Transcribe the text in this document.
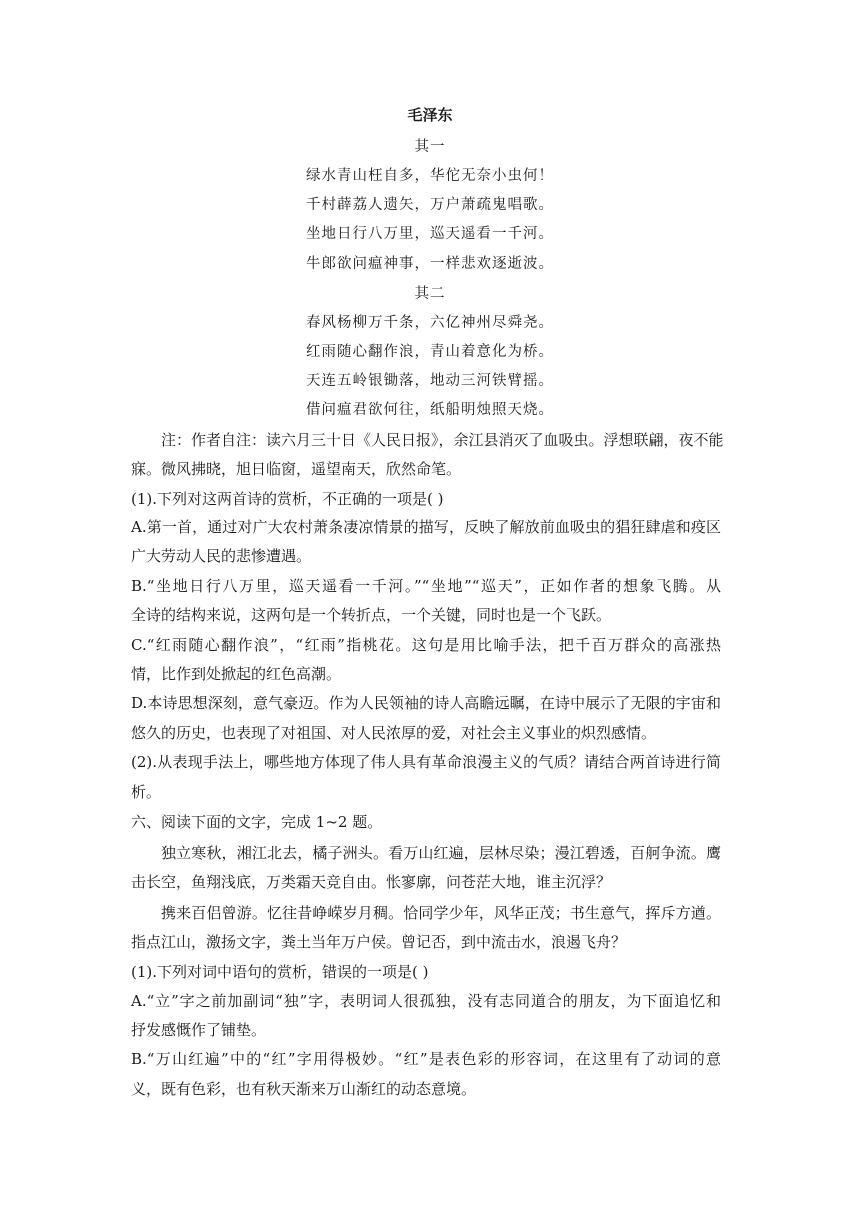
毛泽东
其一
绿水青山枉自多，华佗无奈小虫何！
千村薜荔人遗矢，万户萧疏鬼唱歌。
坐地日行八万里，巡天遥看一千河。
牛郎欲问瘟神事，一样悲欢逐逝波。
其二
春风杨柳万千条，六亿神州尽舜尧。
红雨随心翻作浪，青山着意化为桥。
天连五岭银锄落，地动三河铁臂摇。
借问瘟君欲何往，纸船明烛照天烧。
注：作者自注：读六月三十日《人民日报》，余江县消灭了血吸虫。浮想联翩，夜不能
寐。微风拂晓，旭日临窗，遥望南天，欣然命笔。
(1).下列对这两首诗的赏析，不正确的一项是( )
A.第一首，通过对广大农村萧条凄凉情景的描写，反映了解放前血吸虫的猖狂肆虐和疫区
广大劳动人民的悲惨遭遇。
B.“坐地日行八万里，巡天遥看一千河。”“坐地”“巡天”，正如作者的想象飞腾。从
全诗的结构来说，这两句是一个转折点，一个关键，同时也是一个飞跃。
C.“红雨随心翻作浪”，“红雨”指桃花。这句是用比喻手法，把千百万群众的高涨热
情，比作到处掀起的红色高潮。
D.本诗思想深刻，意气豪迈。作为人民领袖的诗人高瞻远瞩，在诗中展示了无限的宇宙和
悠久的历史，也表现了对祖国、对人民浓厚的爱，对社会主义事业的炽烈感情。
(2).从表现手法上，哪些地方体现了伟人具有革命浪漫主义的气质？请结合两首诗进行简
析。
六、阅读下面的文字，完成 1~2 题。
独立寒秋，湘江北去，橘子洲头。看万山红遍，层林尽染；漫江碧透，百舸争流。鹰
击长空，鱼翔浅底，万类霜天竞自由。怅寥廓，问苍茫大地，谁主沉浮？
携来百侣曾游。忆往昔峥嵘岁月稠。恰同学少年，风华正茂；书生意气，挥斥方遒。
指点江山，激扬文字，粪土当年万户侯。曾记否，到中流击水，浪遏飞舟？
(1).下列对词中语句的赏析，错误的一项是( )
A.“立”字之前加副词“独”字，表明词人很孤独，没有志同道合的朋友，为下面追忆和
抒发感慨作了铺垫。
B.“万山红遍”中的“红”字用得极妙。“红”是表色彩的形容词，在这里有了动词的意
义，既有色彩，也有秋天渐来万山渐红的动态意境。
